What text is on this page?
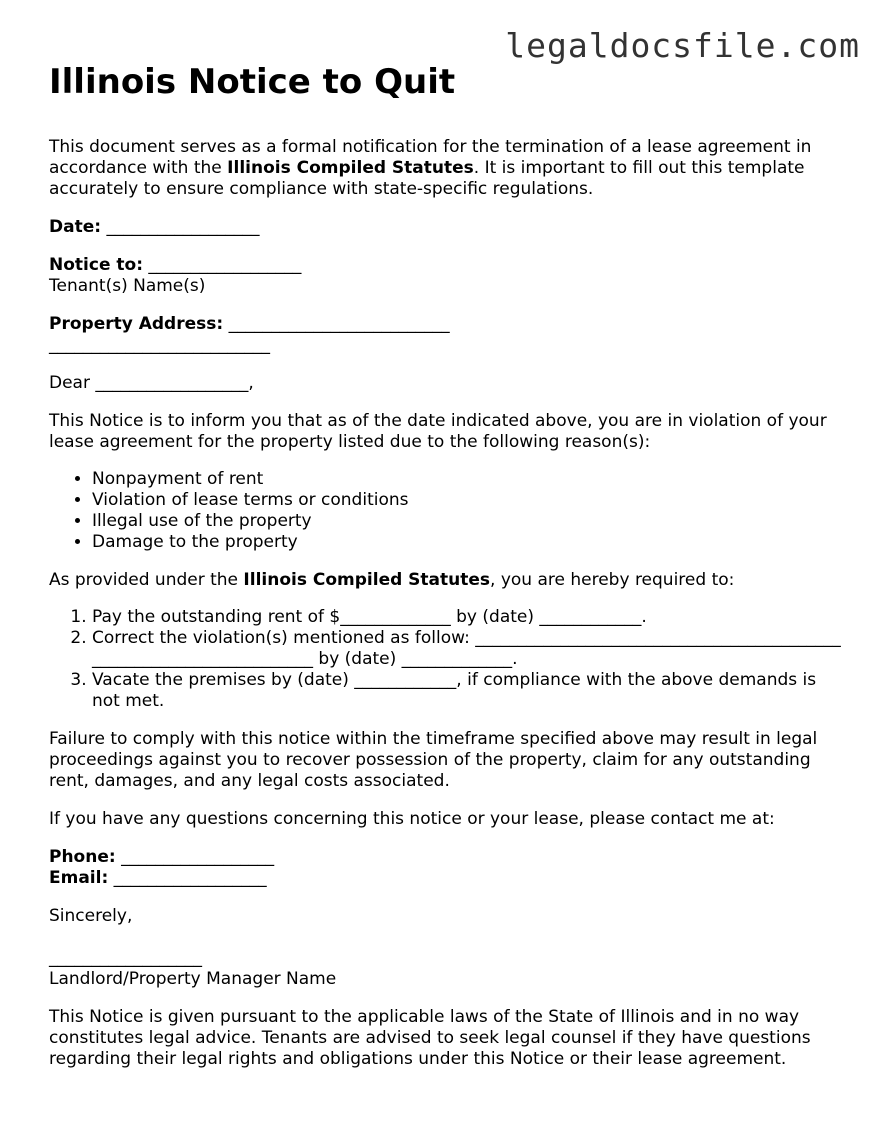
legaldocsfile.com
Illinois Notice to Quit

This document serves as a formal notification for the termination of a lease agreement in accordance with the Illinois Compiled Statutes. It is important to fill out this template accurately to ensure compliance with state-specific regulations.

Date: __________________

Notice to: __________________

Tenant(s) Name(s)

Property Address: __________________________

__________________________

Dear __________________,

This Notice is to inform you that as of the date indicated above, you are in violation of your lease agreement for the property listed due to the following reason(s):

• Nonpayment of rent
• Violation of lease terms or conditions
• Illegal use of the property
• Damage to the property

As provided under the Illinois Compiled Statutes, you are hereby required to:

1. Pay the outstanding rent of $_____________ by (date) ____________.
2. Correct the violation(s) mentioned as follow: _____________________________________________________________________ by (date) _____________.
3. Vacate the premises by (date) ____________, if compliance with the above demands is not met.

Failure to comply with this notice within the timeframe specified above may result in legal proceedings against you to recover possession of the property, claim for any outstanding rent, damages, and any legal costs associated.

If you have any questions concerning this notice or your lease, please contact me at:

Phone: __________________

Email: __________________

Sincerely,

__________________

Landlord/Property Manager Name

This Notice is given pursuant to the applicable laws of the State of Illinois and in no way constitutes legal advice. Tenants are advised to seek legal counsel if they have questions regarding their legal rights and obligations under this Notice or their lease agreement.
